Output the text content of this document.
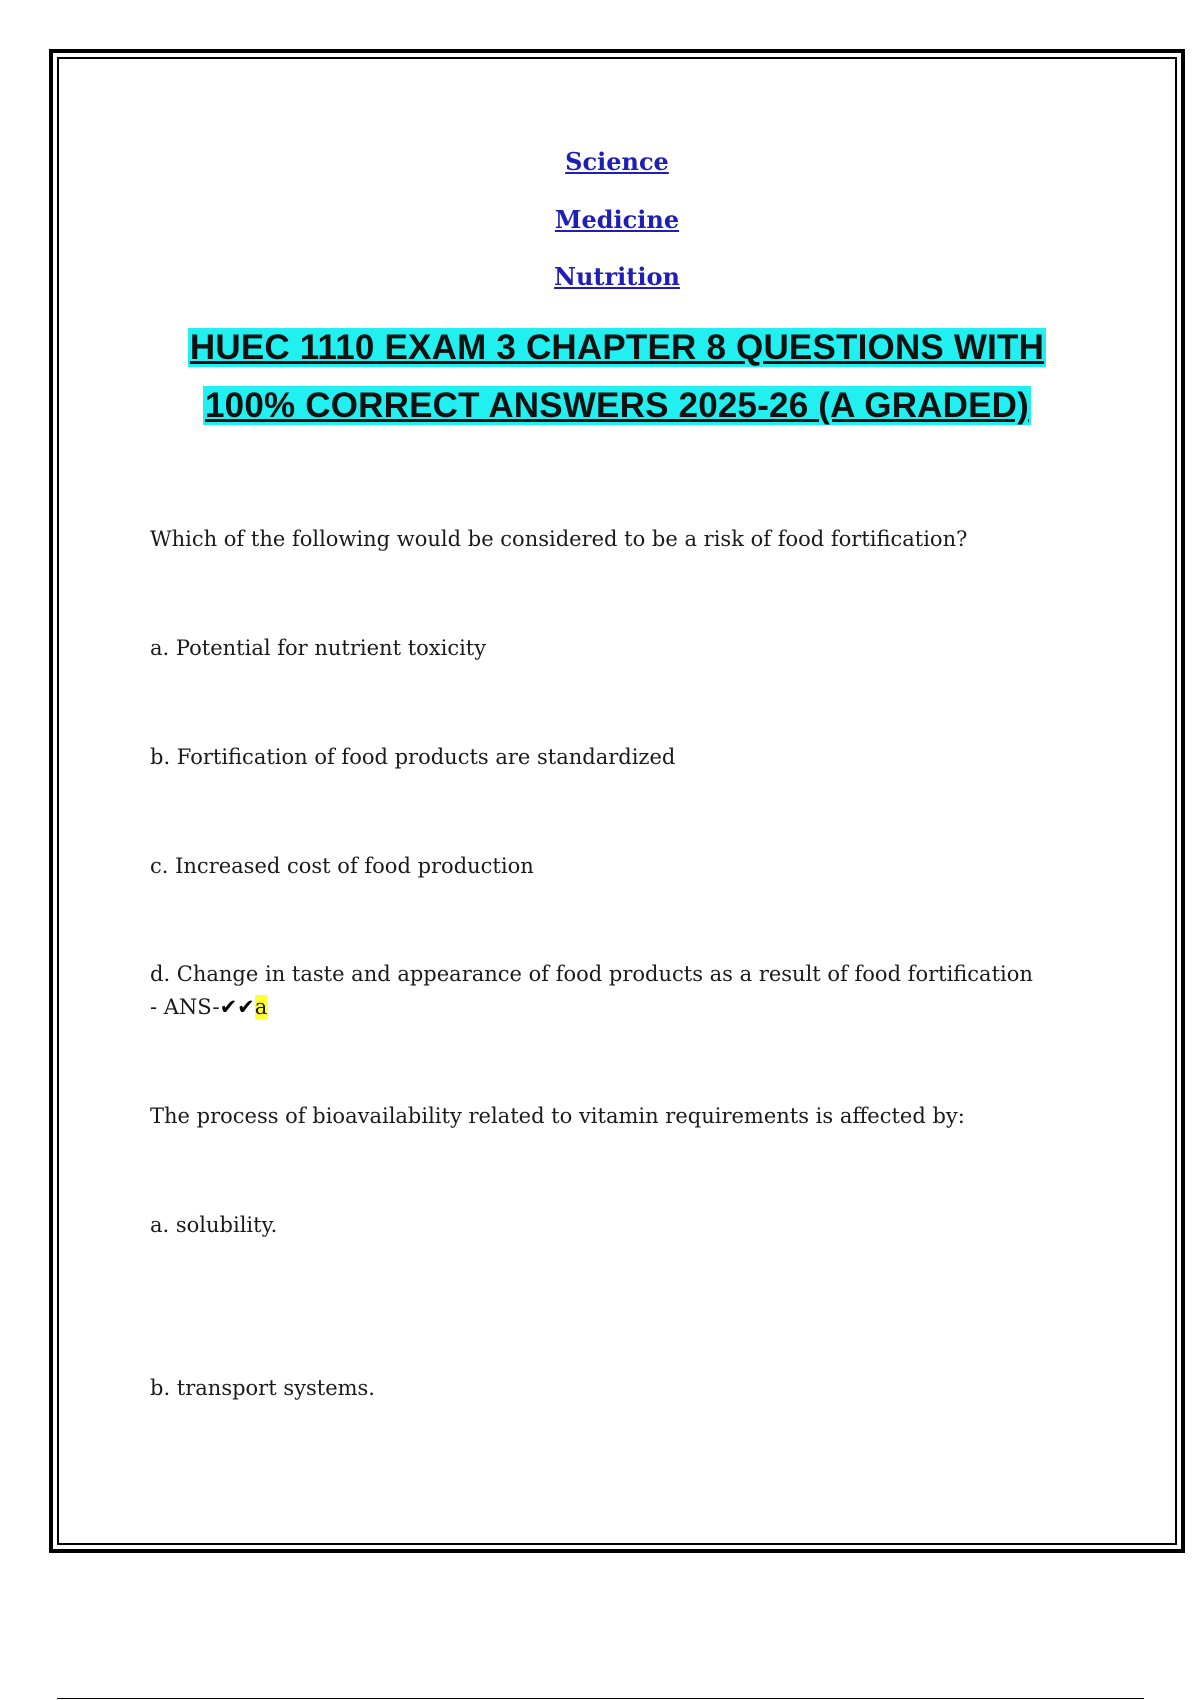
Science
Medicine
Nutrition
HUEC 1110 EXAM 3 CHAPTER 8 QUESTIONS WITH
100% CORRECT ANSWERS 2025-26 (A GRADED)
Which of the following would be considered to be a risk of food fortification?
a. Potential for nutrient toxicity
b. Fortification of food products are standardized
c. Increased cost of food production
d. Change in taste and appearance of food products as a result of food fortification
- ANS-✔✔a
The process of bioavailability related to vitamin requirements is affected by:
a. solubility.
b. transport systems.
